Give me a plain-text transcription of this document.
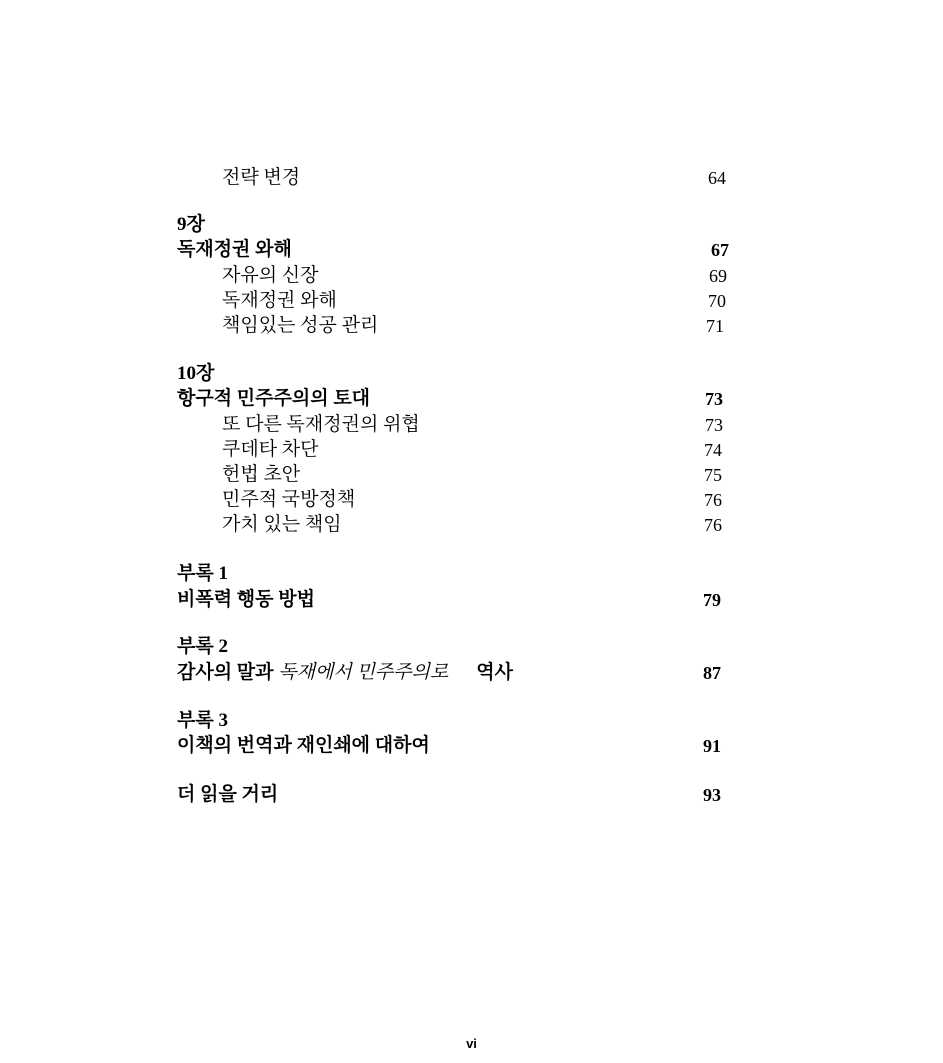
전략 변경	64
9장
독재정권 와해	67
자유의 신장	69
독재정권 와해	70
책임있는 성공 관리	71
10장
항구적 민주주의의 토대	73
또 다른 독재정권의 위협	73
쿠데타 차단	74
헌법 초안	75
민주적 국방정책	76
가치 있는 책임	76
부록 1
비폭력 행동 방법	79
부록 2
감사의 말과 독재에서 민주주의로 역사	87
부록 3
이책의 번역과 재인쇄에 대하여	91
더 읽을 거리	93
vi
